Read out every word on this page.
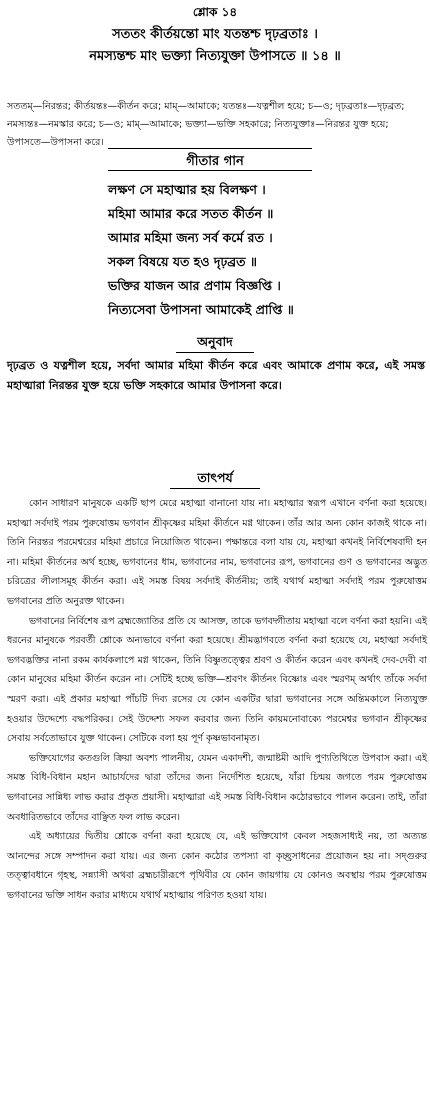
শ্লোক ১৪
সততং কীর্তয়ন্তো মাং যতন্তশ্চ দৃঢ়ব্রতাঃ ।
নমস্যন্তশ্চ মাং ভক্ত্যা নিত্যযুক্তা উপাসতে ॥ ১৪ ॥
সততম্—নিরন্তর; কীর্তয়ন্তঃ—কীর্তন করে; মাম্—আমাকে; যতন্তঃ—যত্নশীল হয়ে; চ—ও; দৃঢ়ব্রতাঃ—দৃঢ়ব্রত; নমস্যন্তঃ—নমস্কার করে; চ—ও; মাম্—আমাকে; ভক্ত্যা—ভক্তি সহকারে; নিত্যযুক্তাঃ—নিরন্তর যুক্ত হয়ে; উপাসতে—উপাসনা করে।
গীতার গান
লক্ষণ সে মহাত্মার হয় বিলক্ষণ ।
মহিমা আমার করে সতত কীর্তন ॥
আমার মহিমা জন্য সর্ব কর্মে রত ।
সকল বিষয়ে যত হও দৃঢ়ব্রত ॥
ভক্তির যাজন আর প্রণাম বিজ্ঞপ্তি ।
নিত্যসেবা উপাসনা আমাকেই প্রাপ্তি ॥
অনুবাদ
দৃঢ়ব্রত ও যত্নশীল হয়ে, সর্বদা আমার মহিমা কীর্তন করে এবং আমাকে প্রণাম করে, এই সমস্ত মহাত্মারা নিরন্তর যুক্ত হয়ে ভক্তি সহকারে আমার উপাসনা করে।
তাৎপর্য

কোন সাধারণ মানুষকে একটি ছাপ মেরে মহাত্মা বানানো যায় না। মহাত্মার স্বরূপ এখানে বর্ণনা করা হয়েছে। মহাত্মা সর্বদাই পরম পুরুষোত্তম ভগবান শ্রীকৃষ্ণের মহিমা কীর্তনে মগ্ন থাকেন। তাঁর আর অন্য কোন কাজই থাকে না। তিনি নিরন্তর পরমেশ্বরের মহিমা প্রচারে নিয়োজিত থাকেন। পক্ষান্তরে বলা যায় যে, মহাত্মা কখনই নির্বিশেষবাদী হন না। মহিমা কীর্তনের অর্থ হচ্ছে, ভগবানের ধাম, ভগবানের নাম, ভগবানের রূপ, ভগবানের গুণ ও ভগবানের অদ্ভুত চরিত্রের লীলাসমূহ কীর্তন করা। এই সমস্ত বিষয় সর্বদাই কীর্তনীয়; তাই যথার্থ মহাত্মা সর্বদাই পরম পুরুষোত্তম ভগবানের প্রতি অনুরক্ত থাকেন।

ভগবানের নির্বিশেষ রূপ ব্রহ্মজ্যোতির প্রতি যে আসক্ত, তাকে ভগবদ্গীতায় মহাত্মা বলে বর্ণনা করা হয়নি। এই ধরনের মানুষকে পরবর্তী শ্লোকে অন্যভাবে বর্ণনা করা হয়েছে। শ্রীমদ্ভাগবতে বর্ণনা করা হয়েছে যে, মহাত্মা সর্বদাই ভগবদ্ভক্তির নানা রকম কার্যকলাপে মগ্ন থাকেন, তিনি বিষ্ণুতত্ত্বের শ্রবণ ও কীর্তন করেন এবং কখনই দেব-দেবী বা কোন মানুষের মহিমা কীর্তন করেন না। সেটিই হচ্ছে ভক্তি—শ্রবণং কীর্তনং বিষ্ণোঃ এবং স্মরণম্ অর্থাৎ তাঁকে সর্বদা স্মরণ করা। এই প্রকার মহাত্মা পাঁচটি দিব্য রসের যে কোন একটির দ্বারা ভগবানের সঙ্গে অন্তিমকালে নিত্যযুক্ত হওয়ার উদ্দেশ্যে বদ্ধপরিকর। সেই উদ্দেশ্য সফল করবার জন্য তিনি কায়মনোবাক্যে পরমেশ্বর ভগবান শ্রীকৃষ্ণের সেবায় সর্বতোভাবে যুক্ত থাকেন। সেটিকে বলা হয় পূর্ণ কৃষ্ণভাবনামৃত।

ভক্তিযোগের কতগুলি ক্রিয়া অবশ্য পালনীয়, যেমন একাদশী, জন্মাষ্টমী আদি পুণ্যতিথিতে উপবাস করা। এই সমস্ত বিধি-বিধান মহান আচার্যদের দ্বারা তাঁদের জন্য নির্দেশিত হয়েছে, যাঁরা চিন্ময় জগতে পরম পুরুষোত্তম ভগবানের সান্নিধ্য লাভ করার প্রকৃত প্রয়াসী। মহাত্মারা এই সমস্ত বিধি-বিধান কঠোরভাবে পালন করেন। তাই, তাঁরা অবধারিতভাবে তাঁদের বাঞ্ছিত ফল লাভ করেন।

এই অধ্যায়ের দ্বিতীয় শ্লোকে বর্ণনা করা হয়েছে যে, এই ভক্তিযোগ কেবল সহজসাধ্যই নয়, তা অত্যন্ত আনন্দের সঙ্গে সম্পাদন করা যায়। এর জন্য কোন কঠোর তপস্যা বা কৃচ্ছ্রসাধনের প্রয়োজন হয় না। সদ্গুরুর তত্ত্বাবধানে গৃহস্থ, সন্ন্যাসী অথবা ব্রহ্মচারীরূপে পৃথিবীর যে কোন জায়গায় যে কোনও অবস্থায় পরম পুরুষোত্তম ভগবানের ভক্তি সাধন করার মাধ্যমে যথার্থ মহাত্মায় পরিণত হওয়া যায়।
